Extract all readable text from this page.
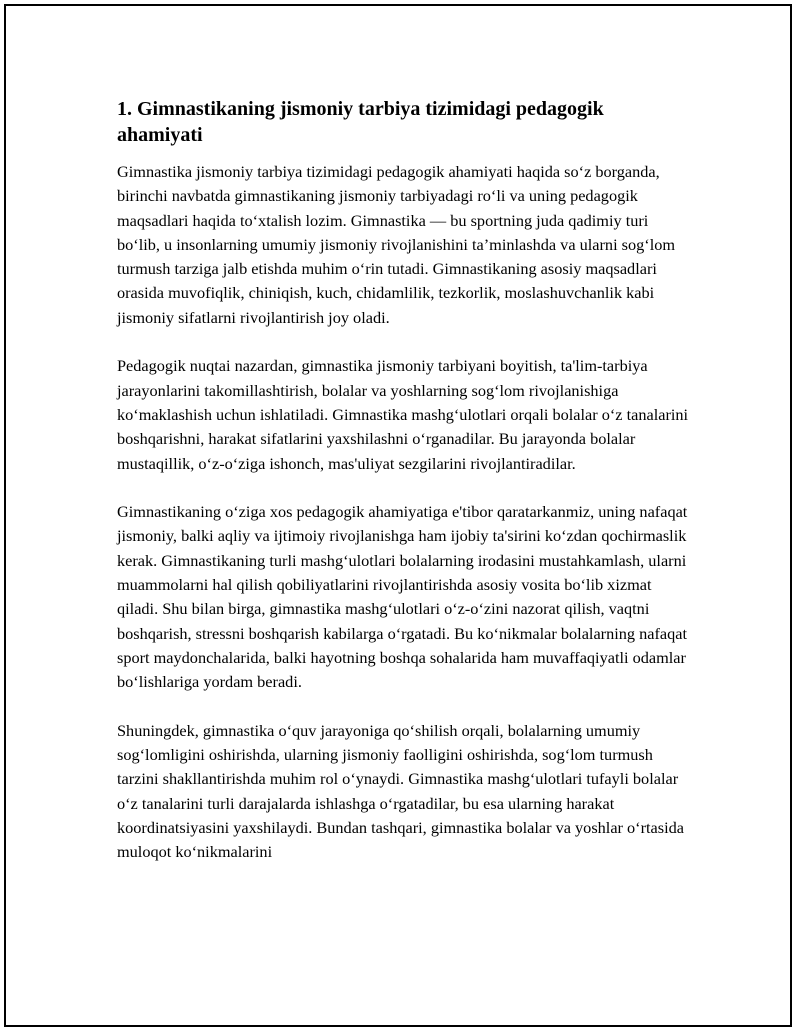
1. Gimnastikaning jismoniy tarbiya tizimidagi pedagogik ahamiyati

Gimnastika jismoniy tarbiya tizimidagi pedagogik ahamiyati haqida so‘z borganda, birinchi navbatda gimnastikaning jismoniy tarbiyadagi ro‘li va uning pedagogik maqsadlari haqida to‘xtalish lozim. Gimnastika — bu sportning juda qadimiy turi bo‘lib, u insonlarning umumiy jismoniy rivojlanishini ta’minlashda va ularni sog‘lom turmush tarziga jalb etishda muhim o‘rin tutadi. Gimnastikaning asosiy maqsadlari orasida muvofiqlik, chiniqish, kuch, chidamlilik, tezkorlik, moslashuvchanlik kabi jismoniy sifatlarni rivojlantirish joy oladi.

Pedagogik nuqtai nazardan, gimnastika jismoniy tarbiyani boyitish, ta'lim-tarbiya jarayonlarini takomillashtirish, bolalar va yoshlarning sog‘lom rivojlanishiga ko‘maklashish uchun ishlatiladi. Gimnastika mashg‘ulotlari orqali bolalar o‘z tanalarini boshqarishni, harakat sifatlarini yaxshilashni o‘rganadilar. Bu jarayonda bolalar mustaqillik, o‘z-o‘ziga ishonch, mas'uliyat sezgilarini rivojlantiradilar.

Gimnastikaning o‘ziga xos pedagogik ahamiyatiga e'tibor qaratarkanmiz, uning nafaqat jismoniy, balki aqliy va ijtimoiy rivojlanishga ham ijobiy ta'sirini ko‘zdan qochirmaslik kerak. Gimnastikaning turli mashg‘ulotlari bolalarning irodasini mustahkamlash, ularni muammolarni hal qilish qobiliyatlarini rivojlantirishda asosiy vosita bo‘lib xizmat qiladi. Shu bilan birga, gimnastika mashg‘ulotlari o‘z-o‘zini nazorat qilish, vaqtni boshqarish, stressni boshqarish kabilarga o‘rgatadi. Bu ko‘nikmalar bolalarning nafaqat sport maydonchalarida, balki hayotning boshqa sohalarida ham muvaffaqiyatli odamlar bo‘lishlariga yordam beradi.

Shuningdek, gimnastika o‘quv jarayoniga qo‘shilish orqali, bolalarning umumiy sog‘lomligini oshirishda, ularning jismoniy faolligini oshirishda, sog‘lom turmush tarzini shakllantirishda muhim rol o‘ynaydi. Gimnastika mashg‘ulotlari tufayli bolalar o‘z tanalarini turli darajalarda ishlashga o‘rgatadilar, bu esa ularning harakat koordinatsiyasini yaxshilaydi. Bundan tashqari, gimnastika bolalar va yoshlar o‘rtasida muloqot ko‘nikmalarini
